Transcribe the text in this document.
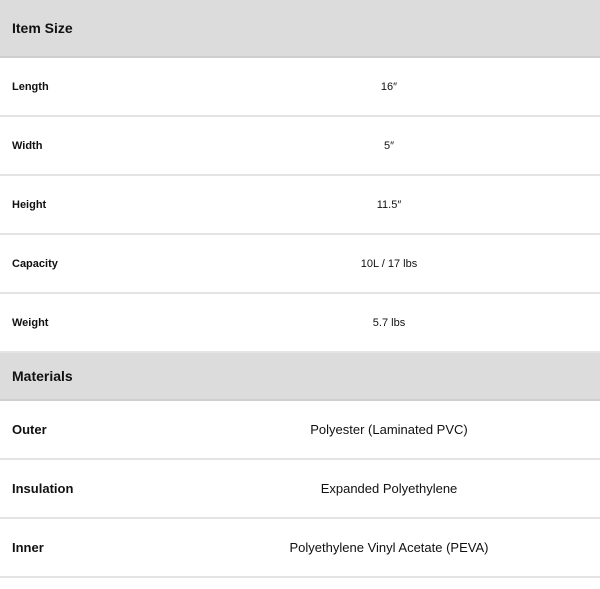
Item Size
Length	16″
Width	5″
Height	11.5″
Capacity	10L / 17 lbs
Weight	5.7 lbs
Materials
Outer	Polyester (Laminated PVC)
Insulation	Expanded Polyethylene
Inner	Polyethylene Vinyl Acetate (PEVA)
